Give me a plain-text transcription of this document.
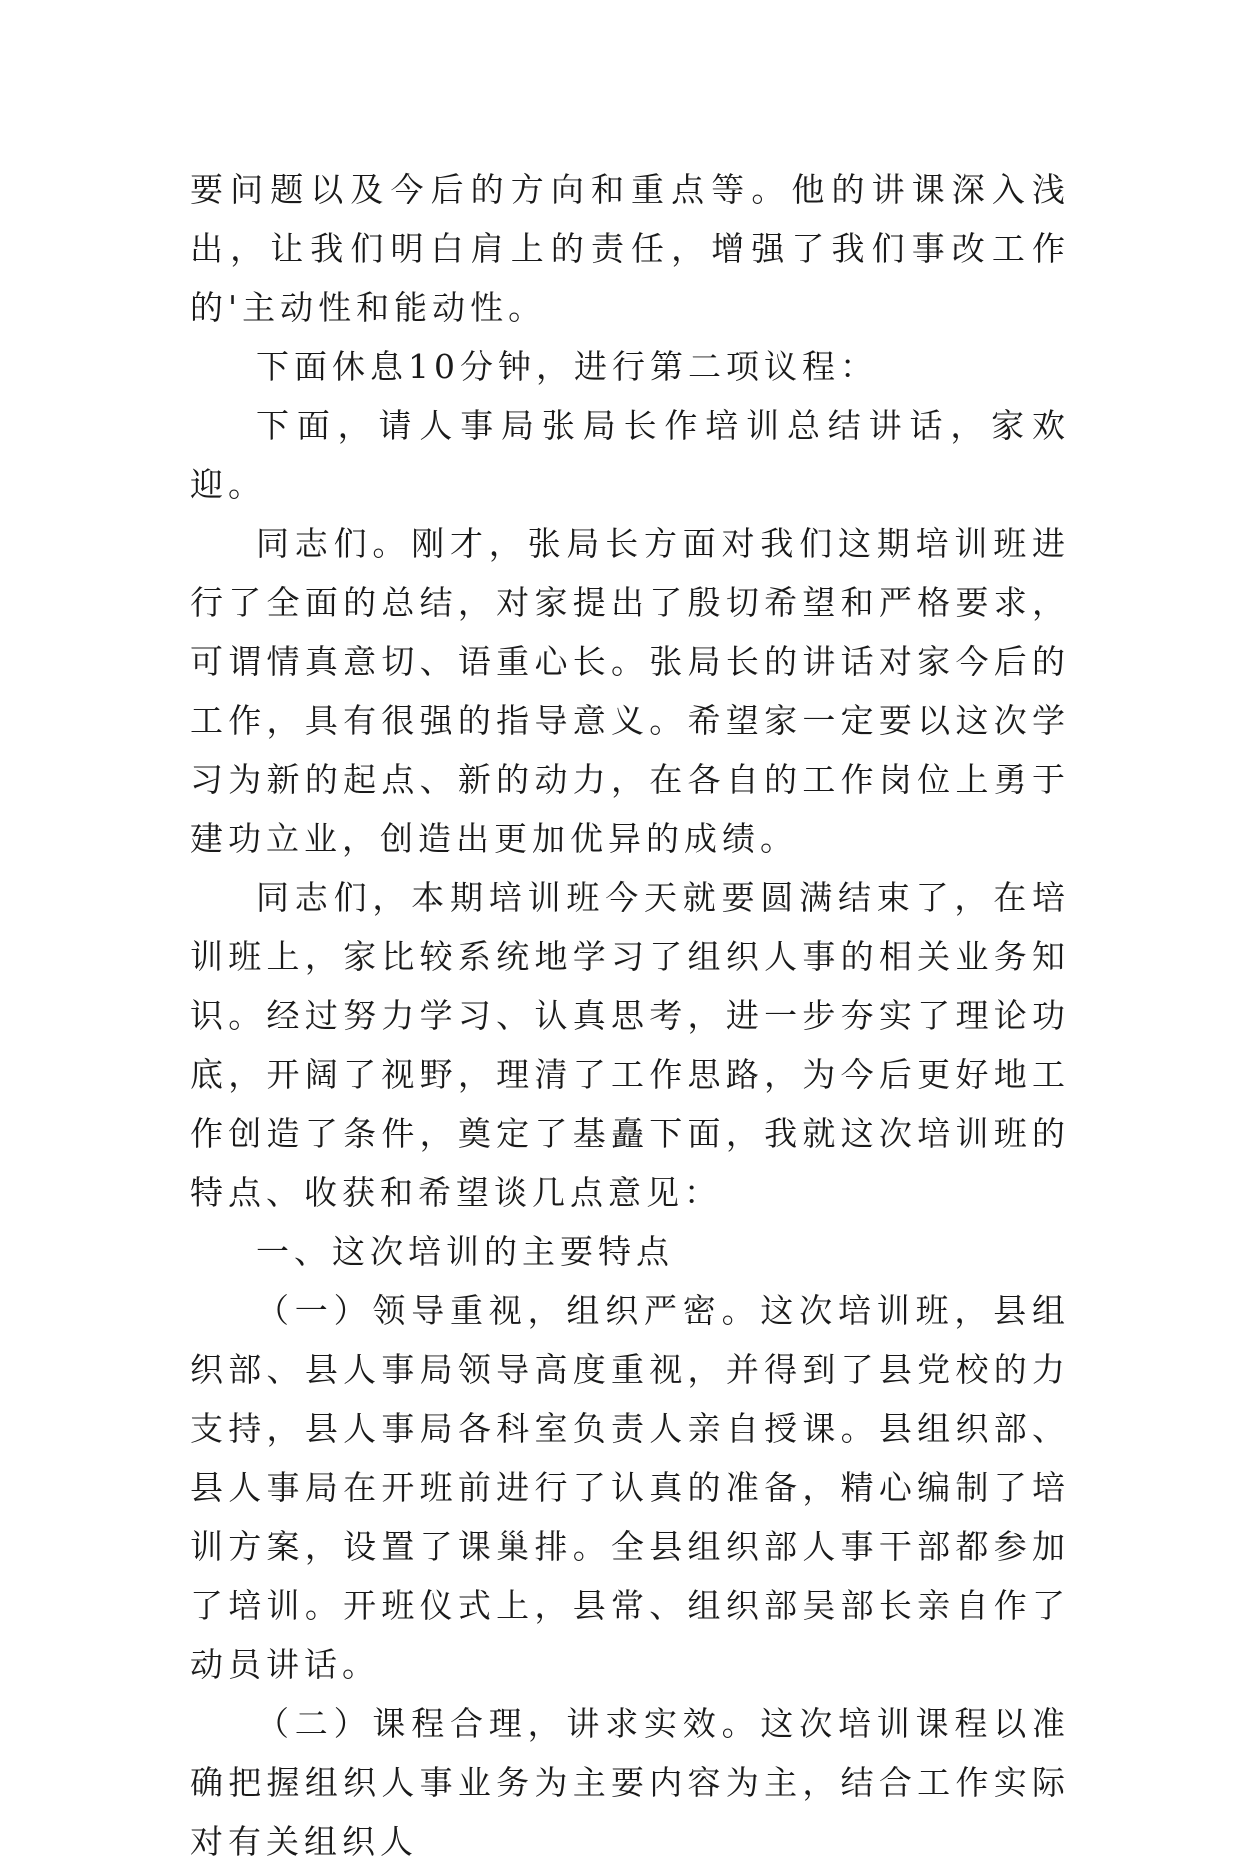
要问题以及今后的方向和重点等。他的讲课深入浅出，让我们明白肩上的责任，增强了我们事改工作的'主动性和能动性。

下面休息10分钟，进行第二项议程：

下面，请人事局张局长作培训总结讲话，家欢迎。

同志们。刚才，张局长方面对我们这期培训班进行了全面的总结，对家提出了殷切希望和严格要求，可谓情真意切、语重心长。张局长的讲话对家今后的工作，具有很强的指导意义。希望家一定要以这次学习为新的起点、新的动力，在各自的工作岗位上勇于建功立业，创造出更加优异的成绩。

同志们，本期培训班今天就要圆满结束了，在培训班上，家比较系统地学习了组织人事的相关业务知识。经过努力学习、认真思考，进一步夯实了理论功底，开阔了视野，理清了工作思路，为今后更好地工作创造了条件，奠定了基矗下面，我就这次培训班的特点、收获和希望谈几点意见：

一、这次培训的主要特点

（一）领导重视，组织严密。这次培训班，县组织部、县人事局领导高度重视，并得到了县党校的力支持，县人事局各科室负责人亲自授课。县组织部、县人事局在开班前进行了认真的准备，精心编制了培训方案，设置了课巢排。全县组织部人事干部都参加了培训。开班仪式上，县常、组织部吴部长亲自作了动员讲话。

（二）课程合理，讲求实效。这次培训课程以准确把握组织人事业务为主要内容为主，结合工作实际对有关组织人
